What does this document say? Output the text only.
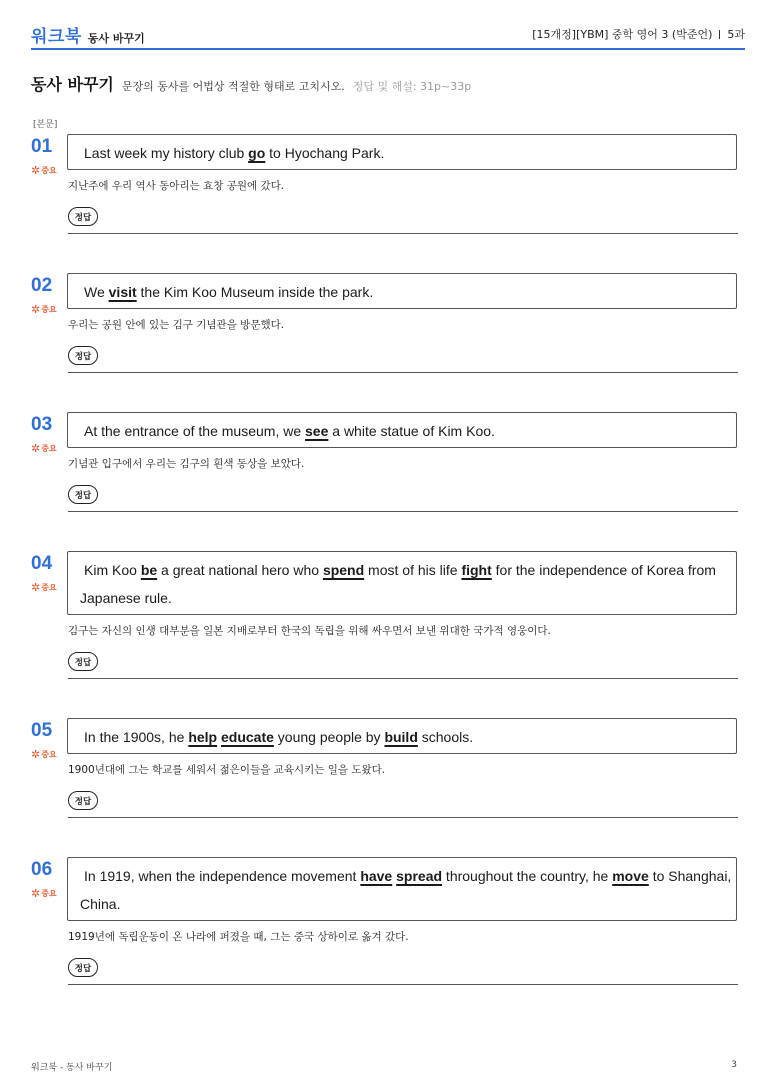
워크북 동사 바꾸기	[15개정][YBM] 중학 영어 3 (박준언) 5과
동사 바꾸기 문장의 동사를 어법상 적절한 형태로 고치시오. 정답 및 해설: 31p~33p
[본문]
01
✲ 중요
Last week my history club go to Hyochang Park.
지난주에 우리 역사 동아리는 효창 공원에 갔다.
정답
02
✲ 중요
We visit the Kim Koo Museum inside the park.
우리는 공원 안에 있는 김구 기념관을 방문했다.
정답
03
✲ 중요
At the entrance of the museum, we see a white statue of Kim Koo.
기념관 입구에서 우리는 김구의 흰색 동상을 보았다.
정답
04
✲ 중요
Kim Koo be a great national hero who spend most of his life fight for the independence of Korea from
Japanese rule.
김구는 자신의 인생 대부분을 일본 지배로부터 한국의 독립을 위해 싸우면서 보낸 위대한 국가적 영웅이다.
정답
05
✲ 중요
In the 1900s, he help educate young people by build schools.
1900년대에 그는 학교를 세워서 젊은이들을 교육시키는 일을 도왔다.
정답
06
✲ 중요
In 1919, when the independence movement have spread throughout the country, he move to Shanghai,
China.
1919년에 독립운동이 온 나라에 퍼졌을 때, 그는 중국 상하이로 옮겨 갔다.
정답
워크북 - 동사 바꾸기	3
